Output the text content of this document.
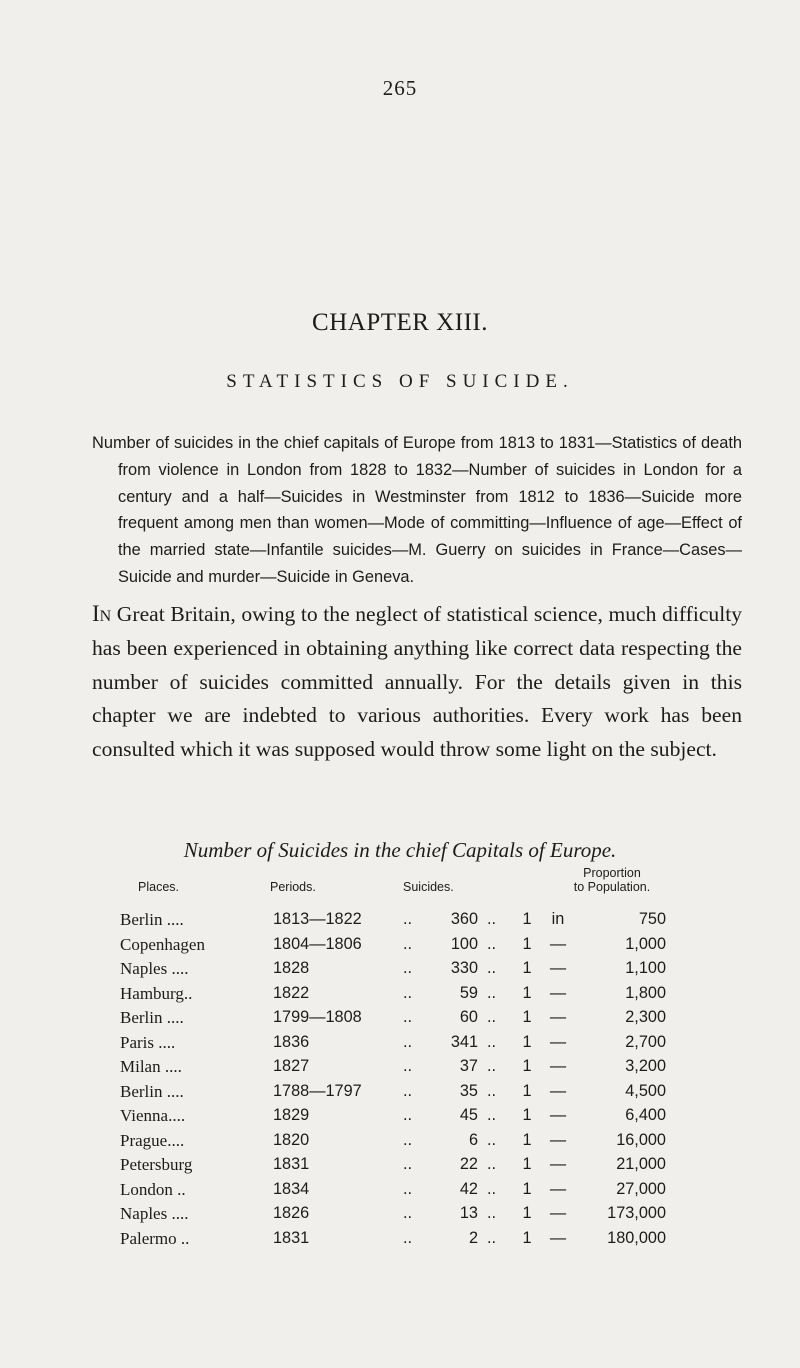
265
CHAPTER XIII.
STATISTICS OF SUICIDE.

Number of suicides in the chief capitals of Europe from 1813 to 1831—Statistics of death from violence in London from 1828 to 1832—Number of suicides in London for a century and a half—Suicides in Westminster from 1812 to 1836—Suicide more frequent among men than women—Mode of committing—Influence of age—Effect of the married state—Infantile suicides—M. Guerry on suicides in France—Cases—Suicide and murder—Suicide in Geneva.

In Great Britain, owing to the neglect of statistical science, much difficulty has been experienced in obtaining anything like correct data respecting the number of suicides committed annually. For the details given in this chapter we are indebted to various authorities. Every work has been consulted which it was supposed would throw some light on the subject.

Number of Suicides in the chief Capitals of Europe.
Places.	Periods.	Suicides.
Proportion
to Population.
Berlin ....	1813—1822	..	360 ..	1	in	750
Copenhagen	1804—1806	..	100 ..	1	—	1,000
Naples ....	1828	..	330 ..	1	—	1,100
Hamburg..	1822	..	59 ..	1	—	1,800
Berlin ....	1799—1808	..	60 ..	1	—	2,300
Paris ....	1836	..	341 ..	1	—	2,700
Milan ....	1827	..	37 ..	1	—	3,200
Berlin ....	1788—1797	..	35 ..	1	—	4,500
Vienna....	1829	..	45 ..	1	—	6,400
Prague....	1820	..	6 ..	1	—	16,000
Petersburg	1831	..	22 ..	1	—	21,000
London ..	1834	..	42 ..	1	—	27,000
Naples ....	1826	..	13 ..	1	—	173,000
Palermo ..	1831	..	2 ..	1	—	180,000
